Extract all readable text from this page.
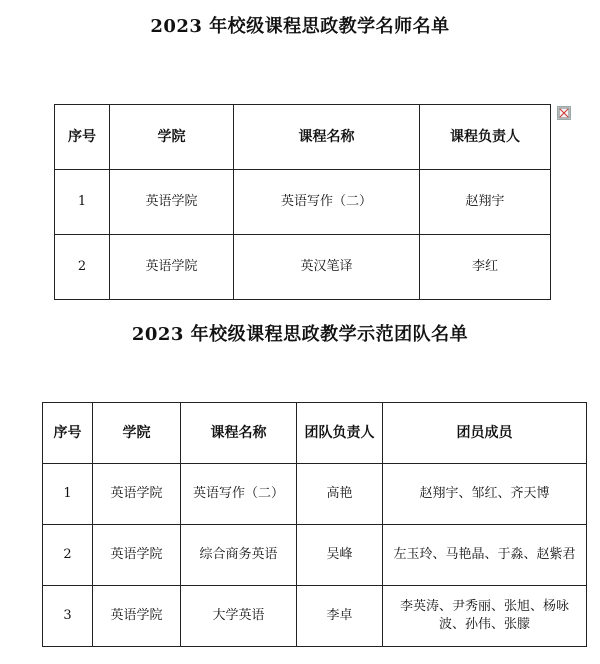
2023 年校级课程思政教学名师名单
序号	学院	课程名称	课程负责人
1	英语学院	英语写作（二）	赵翔宇
2	英语学院	英汉笔译	李红
2023 年校级课程思政教学示范团队名单
序号	学院	课程名称	团队负责人	团员成员
1	英语学院	英语写作（二）	高艳	赵翔宇、邹红、齐天博
2	英语学院	综合商务英语	吴峰	左玉玲、马艳晶、于淼、赵紫君
3	英语学院	大学英语	李卓	李英涛、尹秀丽、张旭、杨咏波、孙伟、张朦
